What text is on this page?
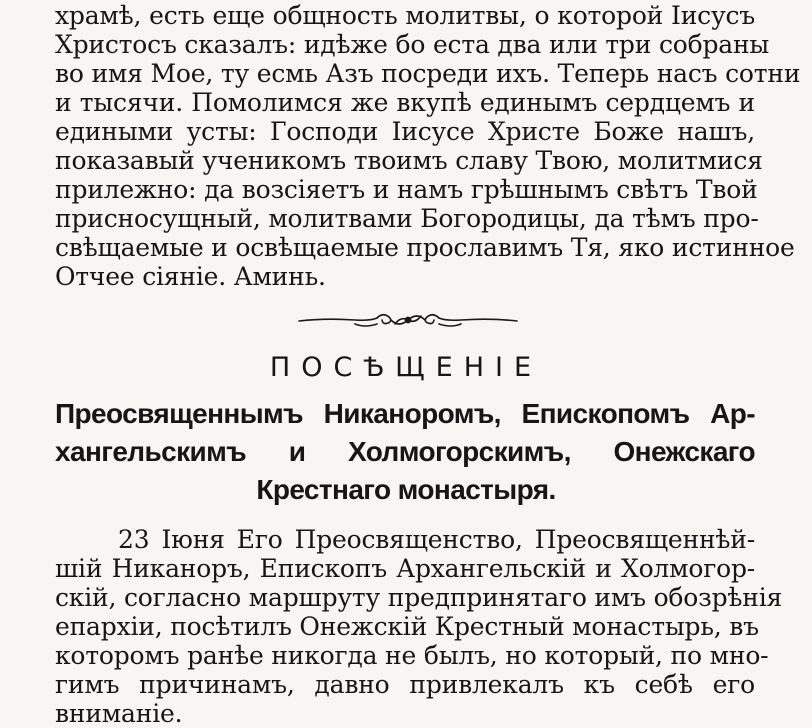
храмѣ, есть еще общность молитвы, о которой Іисусъ
Христосъ сказалъ: идѣже бо еста два или три собраны
во имя Мое, ту есмь Азъ посреди ихъ. Теперь насъ сотни
и тысячи. Помолимся же вкупѣ единымъ сердцемъ и
едиными усты: Господи Іисусе Христе Боже нашъ,
показавый ученикомъ твоимъ славу Твою, молитмися
прилежно: да возсіяетъ и намъ грѣшнымъ свѣтъ Твой
присносущный, молитвами Богородицы, да тѣмъ про-
свѣщаемые и освѣщаемые прославимъ Тя, яко истинное
Отчее сіяніе. Аминь.
ПОСѢЩЕНІЕ
Преосвященнымъ Никаноромъ, Епископомъ Ар-
хангельскимъ и Холмогорскимъ, Онежскаго
Крестнаго монастыря.
23 Іюня Его Преосвященство, Преосвященнѣй-
шій Никаноръ, Епископъ Архангельскій и Холмогор-
скій, согласно маршруту предпринятаго имъ обозрѣнія
епархіи, посѣтилъ Онежскій Крестный монастырь, въ
которомъ ранѣе никогда не былъ, но который, по мно-
гимъ причинамъ, давно привлекалъ къ себѣ его
вниманіе.
